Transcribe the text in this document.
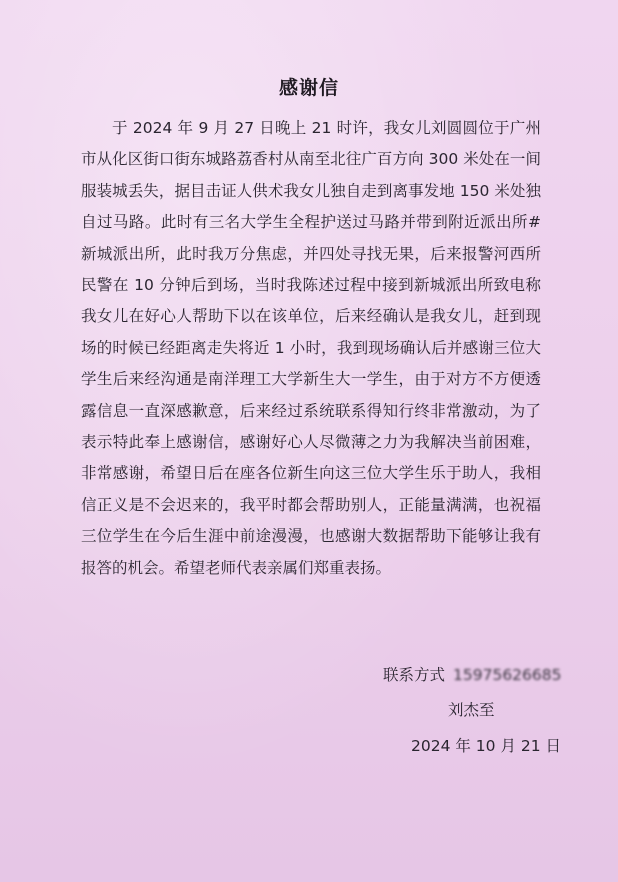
感谢信

于 2024 年 9 月 27 日晚上 21 时许，我女儿刘圆圆位于广州市从化区街口街东城路荔香村从南至北往广百方向 300 米处在一间服装城丢失，据目击证人供术我女儿独自走到离事发地 150 米处独自过马路。此时有三名大学生全程护送过马路并带到附近派出所#新城派出所，此时我万分焦虑，并四处寻找无果，后来报警河西所民警在 10 分钟后到场，当时我陈述过程中接到新城派出所致电称我女儿在好心人帮助下以在该单位，后来经确认是我女儿，赶到现场的时候已经距离走失将近 1 小时，我到现场确认后并感谢三位大学生后来经沟通是南洋理工大学新生大一学生，由于对方不方便透露信息一直深感歉意，后来经过系统联系得知行终非常激动，为了表示特此奉上感谢信，感谢好心人尽微薄之力为我解决当前困难，非常感谢，希望日后在座各位新生向这三位大学生乐于助人，我相信正义是不会迟来的，我平时都会帮助别人，正能量满满，也祝福三位学生在今后生涯中前途漫漫，也感谢大数据帮助下能够让我有报答的机会。希望老师代表亲属们郑重表扬。

联系方式 15975626685
刘杰至
2024 年 10 月 21 日
